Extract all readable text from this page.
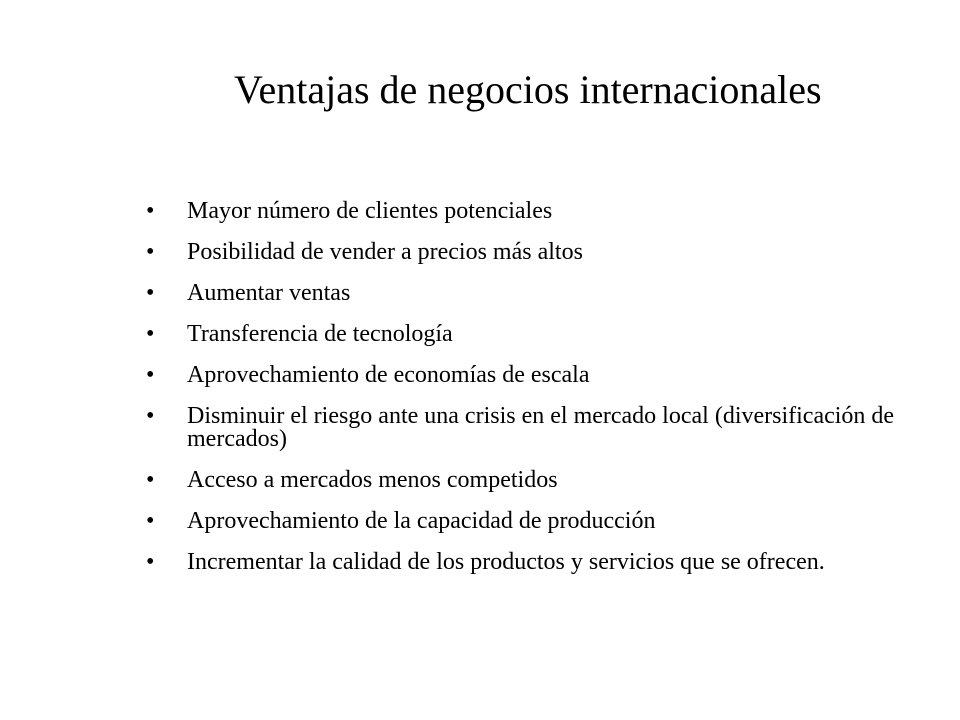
Ventajas de negocios internacionales
• Mayor número de clientes potenciales
• Posibilidad de vender a precios más altos
• Aumentar ventas
• Transferencia de tecnología
• Aprovechamiento de economías de escala
• Disminuir el riesgo ante una crisis en el mercado local (diversificación de mercados)
• Acceso a mercados menos competidos
• Aprovechamiento de la capacidad de producción
• Incrementar la calidad de los productos y servicios que se ofrecen.
